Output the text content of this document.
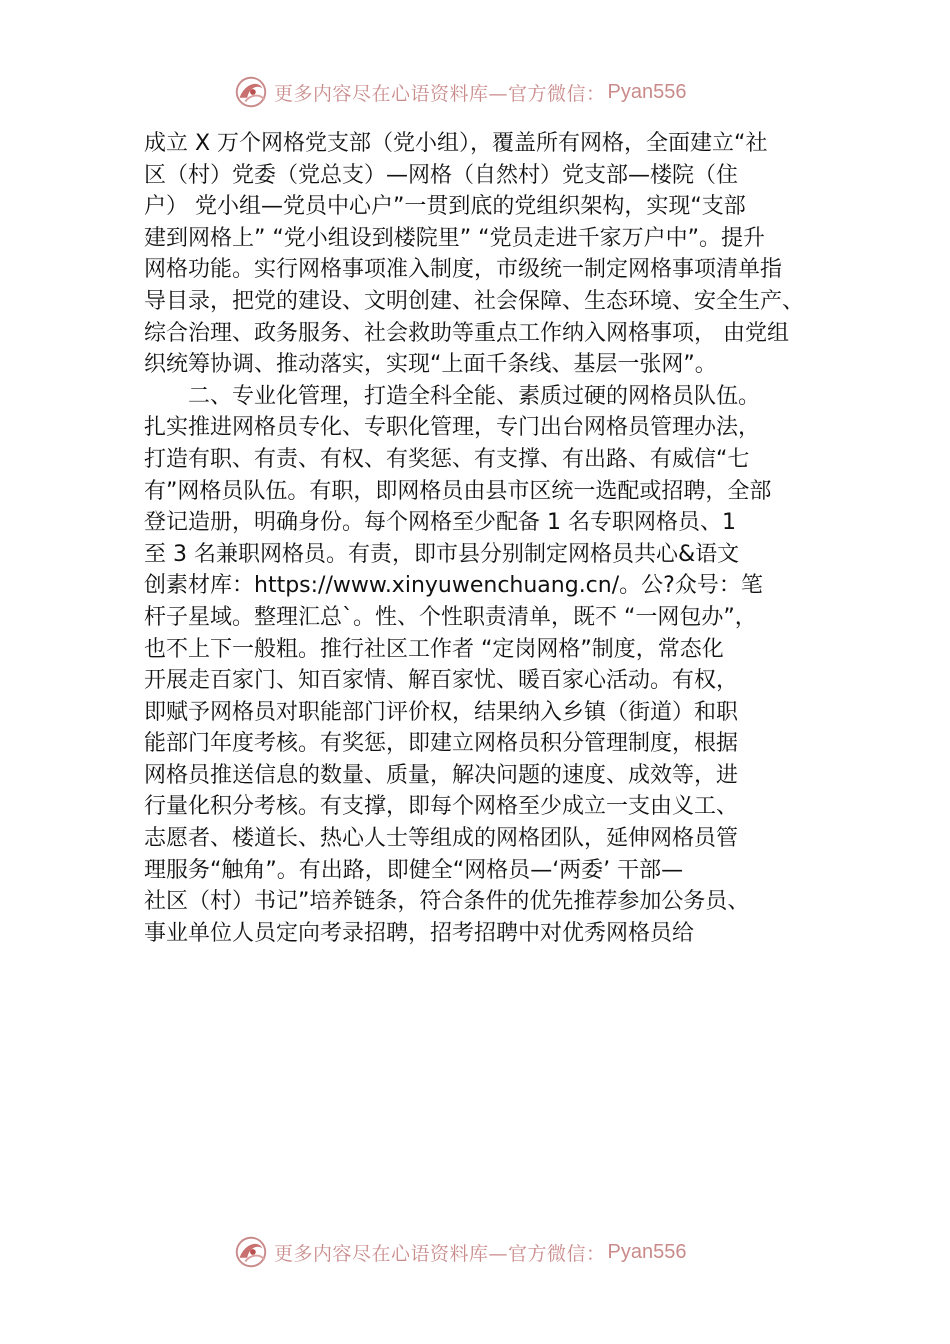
更多内容尽在心语资料库—官方微信： Pyan556
成立 X 万个网格党支部（党小组），覆盖所有网格，全面建立“社
区（村）党委（党总支）—网格（自然村）党支部—楼院（住
户） 党小组—党员中心户”一贯到底的党组织架构，实现“支部
建到网格上” “党小组设到楼院里” “党员走进千家万户中”。提升
网格功能。实行网格事项准入制度，市级统一制定网格事项清单指
导目录，把党的建设、文明创建、社会保障、生态环境、安全生产、
综合治理、政务服务、社会救助等重点工作纳入网格事项， 由党组
织统筹协调、推动落实，实现“上面千条线、基层一张网”。
二、专业化管理，打造全科全能、素质过硬的网格员队伍。
扎实推进网格员专化、专职化管理，专门出台网格员管理办法，
打造有职、有责、有权、有奖惩、有支撑、有出路、有威信“七
有”网格员队伍。有职，即网格员由县市区统一选配或招聘，全部
登记造册，明确身份。每个网格至少配备 1 名专职网格员、1
至 3 名兼职网格员。有责，即市县分别制定网格员共心&语文
创素材库：https://www.xinyuwenchuang.cn/。公?众号：笔
杆子星域。整理汇总`。性、个性职责清单，既不 “一网包办”，
也不上下一般粗。推行社区工作者 “定岗网格”制度，常态化
开展走百家门、知百家情、解百家忧、暖百家心活动。有权，
即赋予网格员对职能部门评价权，结果纳入乡镇（街道）和职
能部门年度考核。有奖惩，即建立网格员积分管理制度，根据
网格员推送信息的数量、质量，解决问题的速度、成效等，进
行量化积分考核。有支撑，即每个网格至少成立一支由义工、
志愿者、楼道长、热心人士等组成的网格团队，延伸网格员管
理服务“触角”。有出路，即健全“网格员—‘两委’ 干部—
社区（村）书记”培养链条，符合条件的优先推荐参加公务员、
事业单位人员定向考录招聘，招考招聘中对优秀网格员给
更多内容尽在心语资料库—官方微信： Pyan556
